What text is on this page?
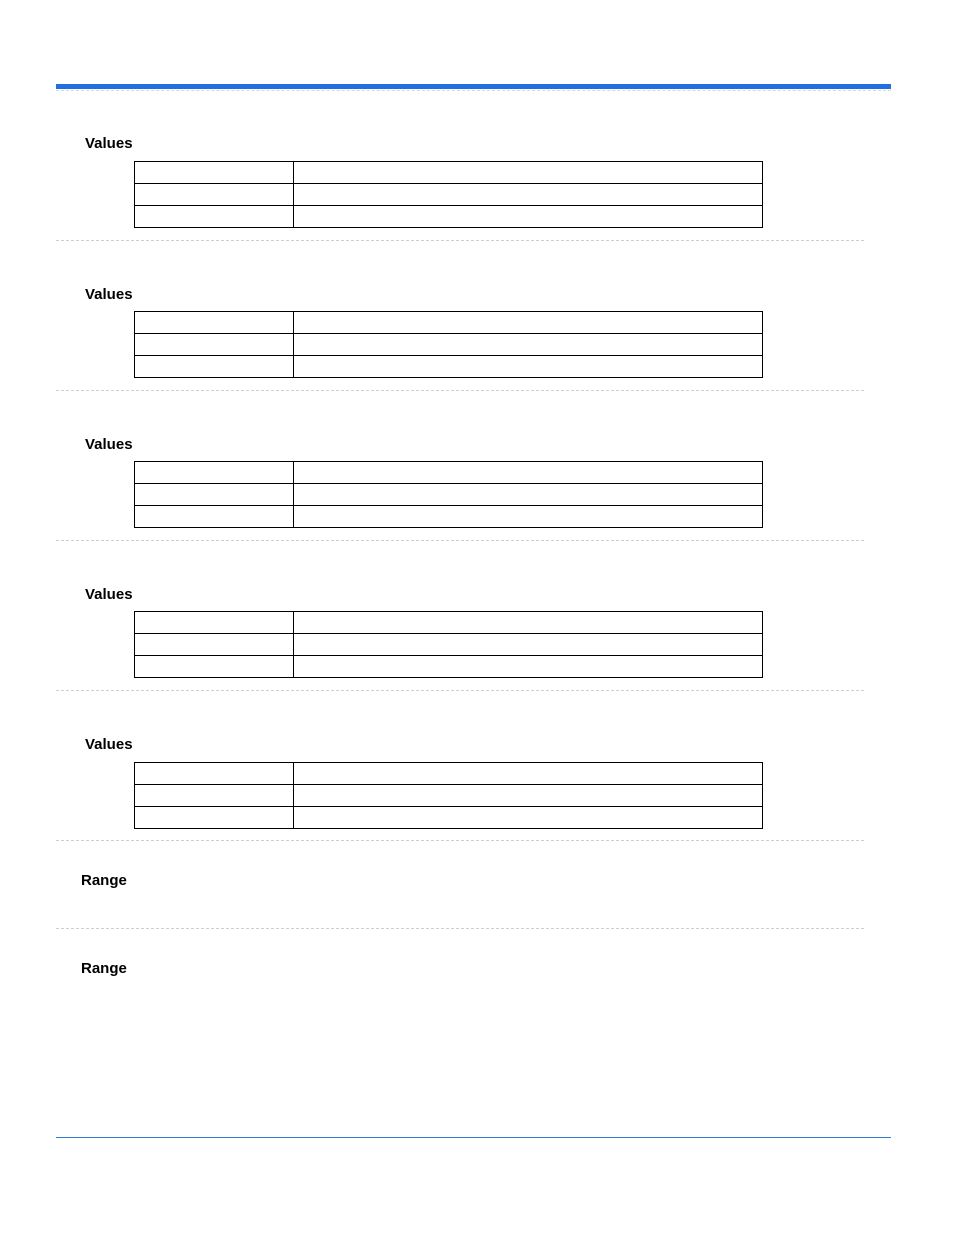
Values

Values

Values

Values

Values

Range
Range
